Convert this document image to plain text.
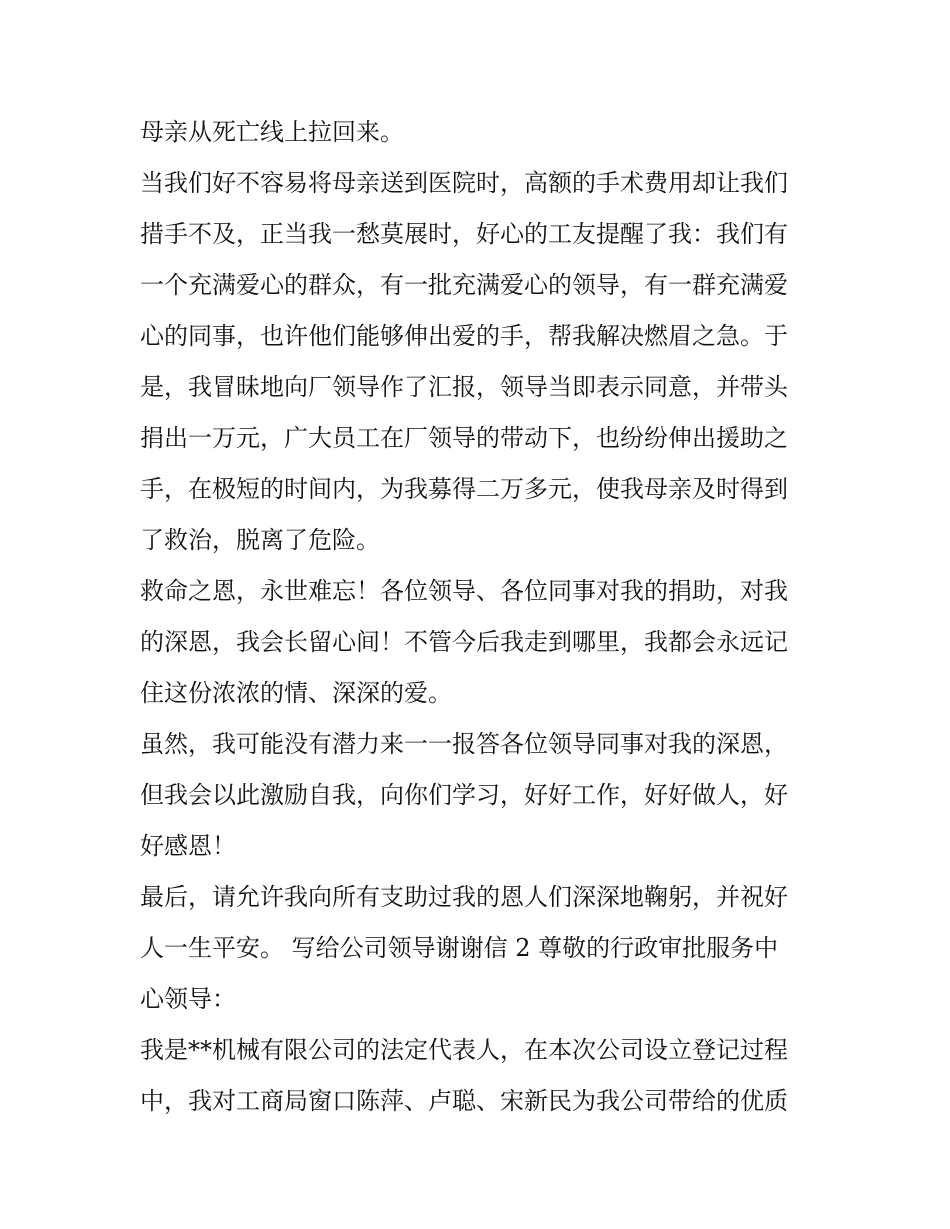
母亲从死亡线上拉回来。
当我们好不容易将母亲送到医院时，高额的手术费用却让我们
措手不及，正当我一愁莫展时，好心的工友提醒了我：我们有
一个充满爱心的群众，有一批充满爱心的领导，有一群充满爱
心的同事，也许他们能够伸出爱的手，帮我解决燃眉之急。于
是，我冒昧地向厂领导作了汇报，领导当即表示同意，并带头
捐出一万元，广大员工在厂领导的带动下，也纷纷伸出援助之
手，在极短的时间内，为我募得二万多元，使我母亲及时得到
了救治，脱离了危险。
救命之恩，永世难忘！各位领导、各位同事对我的捐助，对我
的深恩，我会长留心间！不管今后我走到哪里，我都会永远记
住这份浓浓的情、深深的爱。
虽然，我可能没有潜力来一一报答各位领导同事对我的深恩，
但我会以此激励自我，向你们学习，好好工作，好好做人，好
好感恩！
最后，请允许我向所有支助过我的恩人们深深地鞠躬，并祝好
人一生平安。 写给公司领导谢谢信 2 尊敬的行政审批服务中
心领导：
我是**机械有限公司的法定代表人，在本次公司设立登记过程
中，我对工商局窗口陈萍、卢聪、宋新民为我公司带给的优质
